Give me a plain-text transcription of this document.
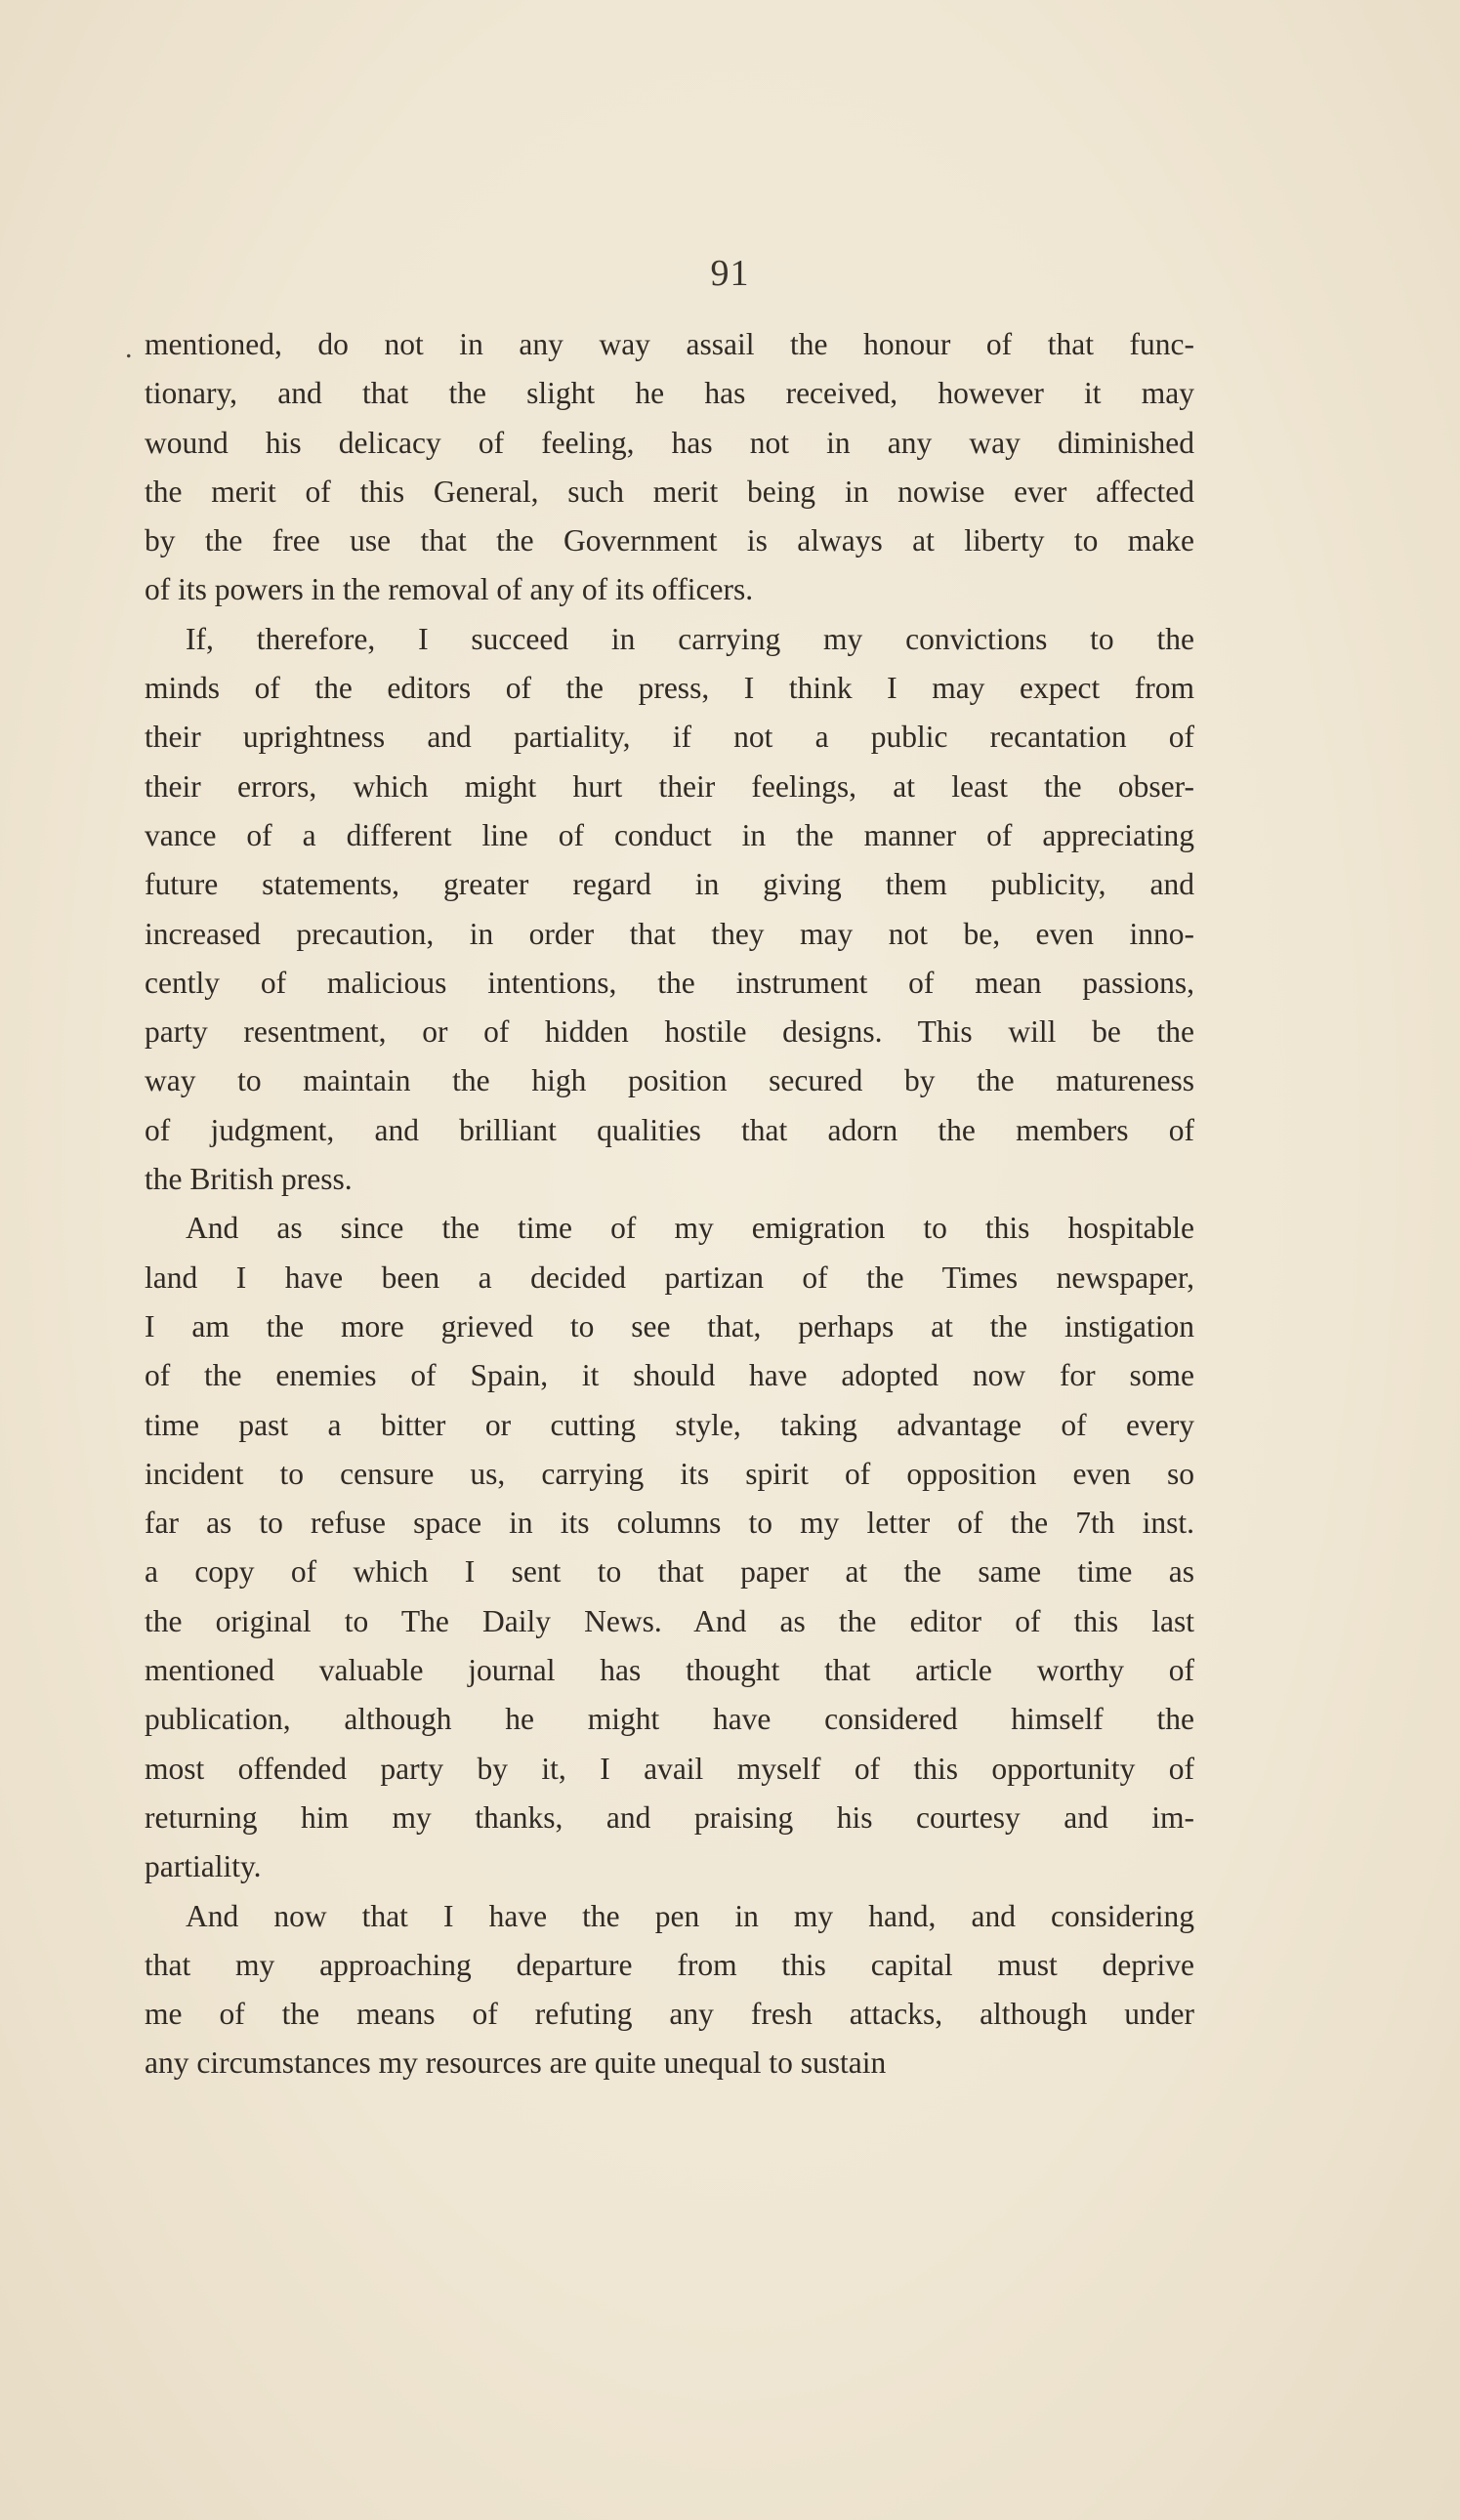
91
. mentioned, do not in any way assail the honour of that func-
tionary, and that the slight he has received, however it may
wound his delicacy of feeling, has not in any way diminished
the merit of this General, such merit being in nowise ever affected
by the free use that the Government is always at liberty to make
of its powers in the removal of any of its officers.
If, therefore, I succeed in carrying my convictions to the
minds of the editors of the press, I think I may expect from
their uprightness and partiality, if not a public recantation of
their errors, which might hurt their feelings, at least the obser-
vance of a different line of conduct in the manner of appreciating
future statements, greater regard in giving them publicity, and
increased precaution, in order that they may not be, even inno-
cently of malicious intentions, the instrument of mean passions,
party resentment, or of hidden hostile designs. This will be the
way to maintain the high position secured by the matureness
of judgment, and brilliant qualities that adorn the members of
the British press.
And as since the time of my emigration to this hospitable
land I have been a decided partizan of the Times newspaper,
I am the more grieved to see that, perhaps at the instigation
of the enemies of Spain, it should have adopted now for some
time past a bitter or cutting style, taking advantage of every
incident to censure us, carrying its spirit of opposition even so
far as to refuse space in its columns to my letter of the 7th inst.
a copy of which I sent to that paper at the same time as
the original to The Daily News. And as the editor of this last
mentioned valuable journal has thought that article worthy of
publication, although he might have considered himself the
most offended party by it, I avail myself of this opportunity of
returning him my thanks, and praising his courtesy and im-
partiality.
And now that I have the pen in my hand, and considering
that my approaching departure from this capital must deprive
me of the means of refuting any fresh attacks, although under
any circumstances my resources are quite unequal to sustain
